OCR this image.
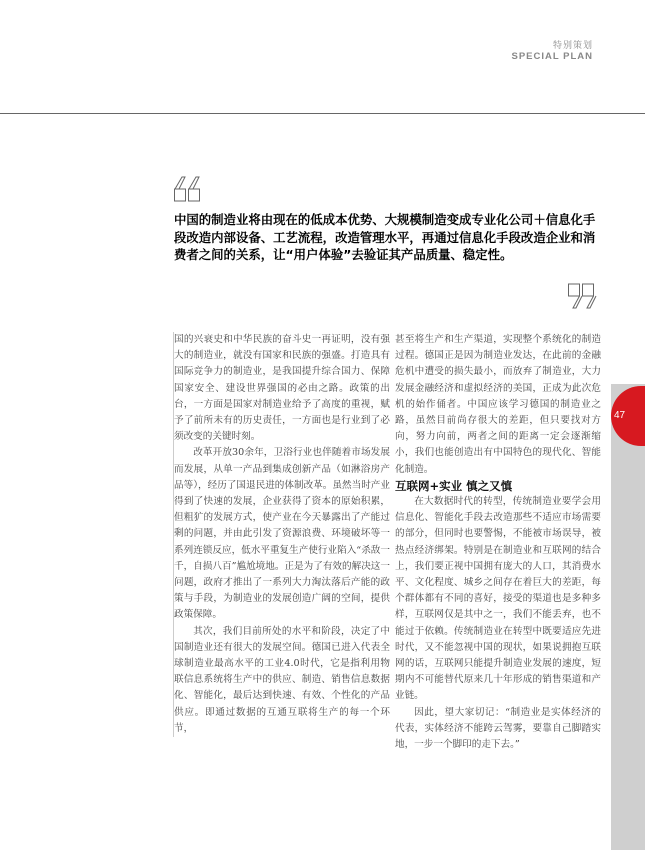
特别策划
SPECIAL PLAN

中国的制造业将由现在的低成本优势、大规模制造变成专业化公司＋信息化手段改造内部设备、工艺流程，改造管理水平，再通过信息化手段改造企业和消费者之间的关系，让“用户体验”去验证其产品质量、稳定性。

国的兴衰史和中华民族的奋斗史一再证明，没有强大的制造业，就没有国家和民族的强盛。打造具有国际竞争力的制造业，是我国提升综合国力、保障国家安全、建设世界强国的必由之路。政策的出台，一方面是国家对制造业给予了高度的重视，赋予了前所未有的历史责任，一方面也是行业到了必须改变的关键时刻。

改革开放30余年，卫浴行业也伴随着市场发展而发展，从单一产品到集成创新产品（如淋浴房产品等），经历了国退民进的体制改革。虽然当时产业得到了快速的发展，企业获得了资本的原始积累，但粗犷的发展方式，使产业在今天暴露出了产能过剩的问题，并由此引发了资源浪费、环境破坏等一系列连锁反应，低水平重复生产使行业陷入“杀敌一千，自损八百”尴尬境地。正是为了有效的解决这一问题，政府才推出了一系列大力淘汰落后产能的政策与手段，为制造业的发展创造广阔的空间，提供政策保障。

其次，我们目前所处的水平和阶段，决定了中国制造业还有很大的发展空间。德国已进入代表全球制造业最高水平的工业4.0时代，它是指利用物联信息系统将生产中的供应、制造、销售信息数据化、智能化，最后达到快速、有效、个性化的产品供应。即通过数据的互通互联将生产的每一个环节，

甚至将生产和生产渠道，实现整个系统化的制造过程。德国正是因为制造业发达，在此前的金融危机中遭受的损失最小，而放弃了制造业，大力发展金融经济和虚拟经济的美国，正成为此次危机的始作俑者。中国应该学习德国的制造业之路，虽然目前尚存很大的差距，但只要找对方向，努力向前，两者之间的距离一定会逐渐缩小，我们也能创造出有中国特色的现代化、智能化制造。

互联网+实业 慎之又慎

在大数据时代的转型，传统制造业要学会用信息化、智能化手段去改造那些不适应市场需要的部分，但同时也要警惕，不能被市场误导，被热点经济绑架。特别是在制造业和互联网的结合上，我们要正视中国拥有庞大的人口，其消费水平、文化程度、城乡之间存在着巨大的差距，每个群体都有不同的喜好，接受的渠道也是多种多样，互联网仅是其中之一，我们不能丢弃，也不能过于依赖。传统制造业在转型中既要适应先进时代，又不能忽视中国的现状，如果说拥抱互联网的话，互联网只能提升制造业发展的速度，短期内不可能替代原来几十年形成的销售渠道和产业链。

因此，望大家切记：“制造业是实体经济的代表，实体经济不能跨云驾雾，要靠自己脚踏实地，一步一个脚印的走下去。”

47
